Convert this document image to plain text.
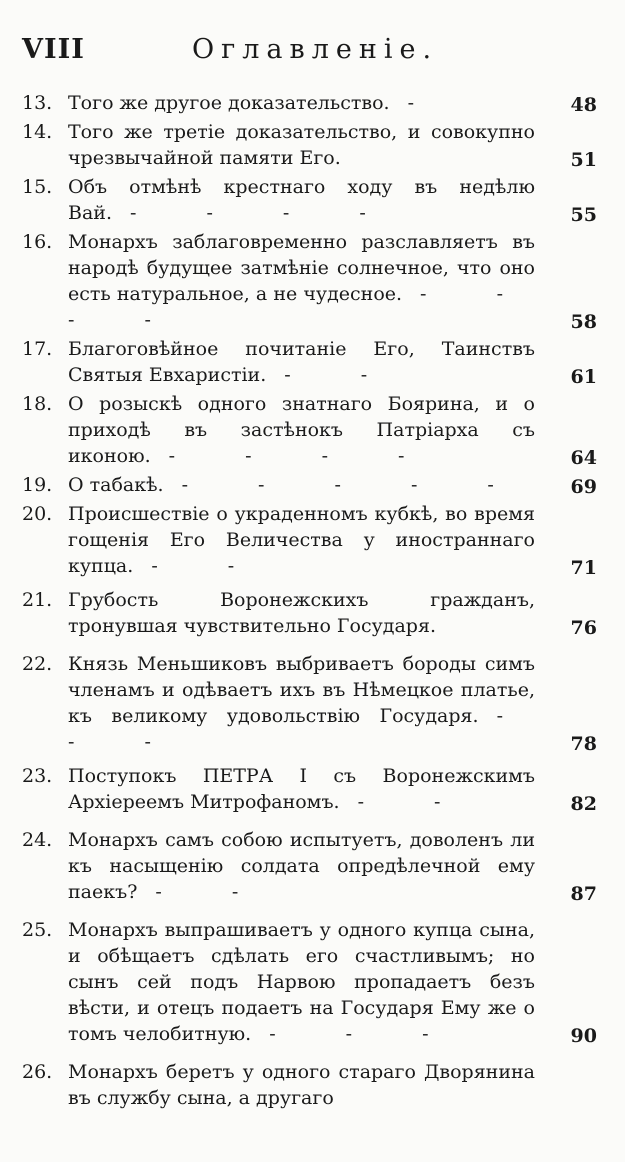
VIII	Оглавленiе.
13. Того же другое доказательство. -	48
14. Того же третiе доказательство, и совокупно чрезвычайной памяти Его.	51
15. Объ отмѣнѣ крестнаго ходу въ недѣлю Вай. - - - -	55
16. Монархъ заблаговременно разславляетъ въ народѣ будущее затмѣнiе солнечное, что оно есть натуральное, а не чудесное. - - - -	58
17. Благоговѣйное почитанiе Его, Таинствъ Святыя Евхаристiи. - -	61
18. О розыскѣ одного знатнаго Боярина, и о приходѣ въ застѣнокъ Патрiарха съ иконою. - - - -	64
19. О табакѣ. - - - - -	69
20. Происшествiе о украденномъ кубкѣ, во время гощенiя Его Величества у иностраннаго купца. - -	71
21. Грубость Воронежскихъ гражданъ, тронувшая чувствительно Государя.	76
22. Князь Меньшиковъ выбриваетъ бороды симъ членамъ и одѣваетъ ихъ въ Нѣмецкое платье, къ великому удовольствiю Государя. - - -	78
23. Поступокъ ПЕТРА I съ Воронежскимъ Архiереемъ Митрофаномъ. - -	82
24. Монархъ самъ собою испытуетъ, доволенъ ли къ насыщенiю солдата опредѣлечной ему паекъ? - -	87
25. Монархъ выпрашиваетъ у одного купца сына, и обѣщаетъ сдѣлать его счастливымъ; но сынъ сей подъ Нарвою пропадаетъ безъ вѣсти, и отецъ подаетъ на Государя Ему же о томъ челобитную. - - -	90
26. Монархъ беретъ у одного стараго Дворянина въ службу сына, а другаго
